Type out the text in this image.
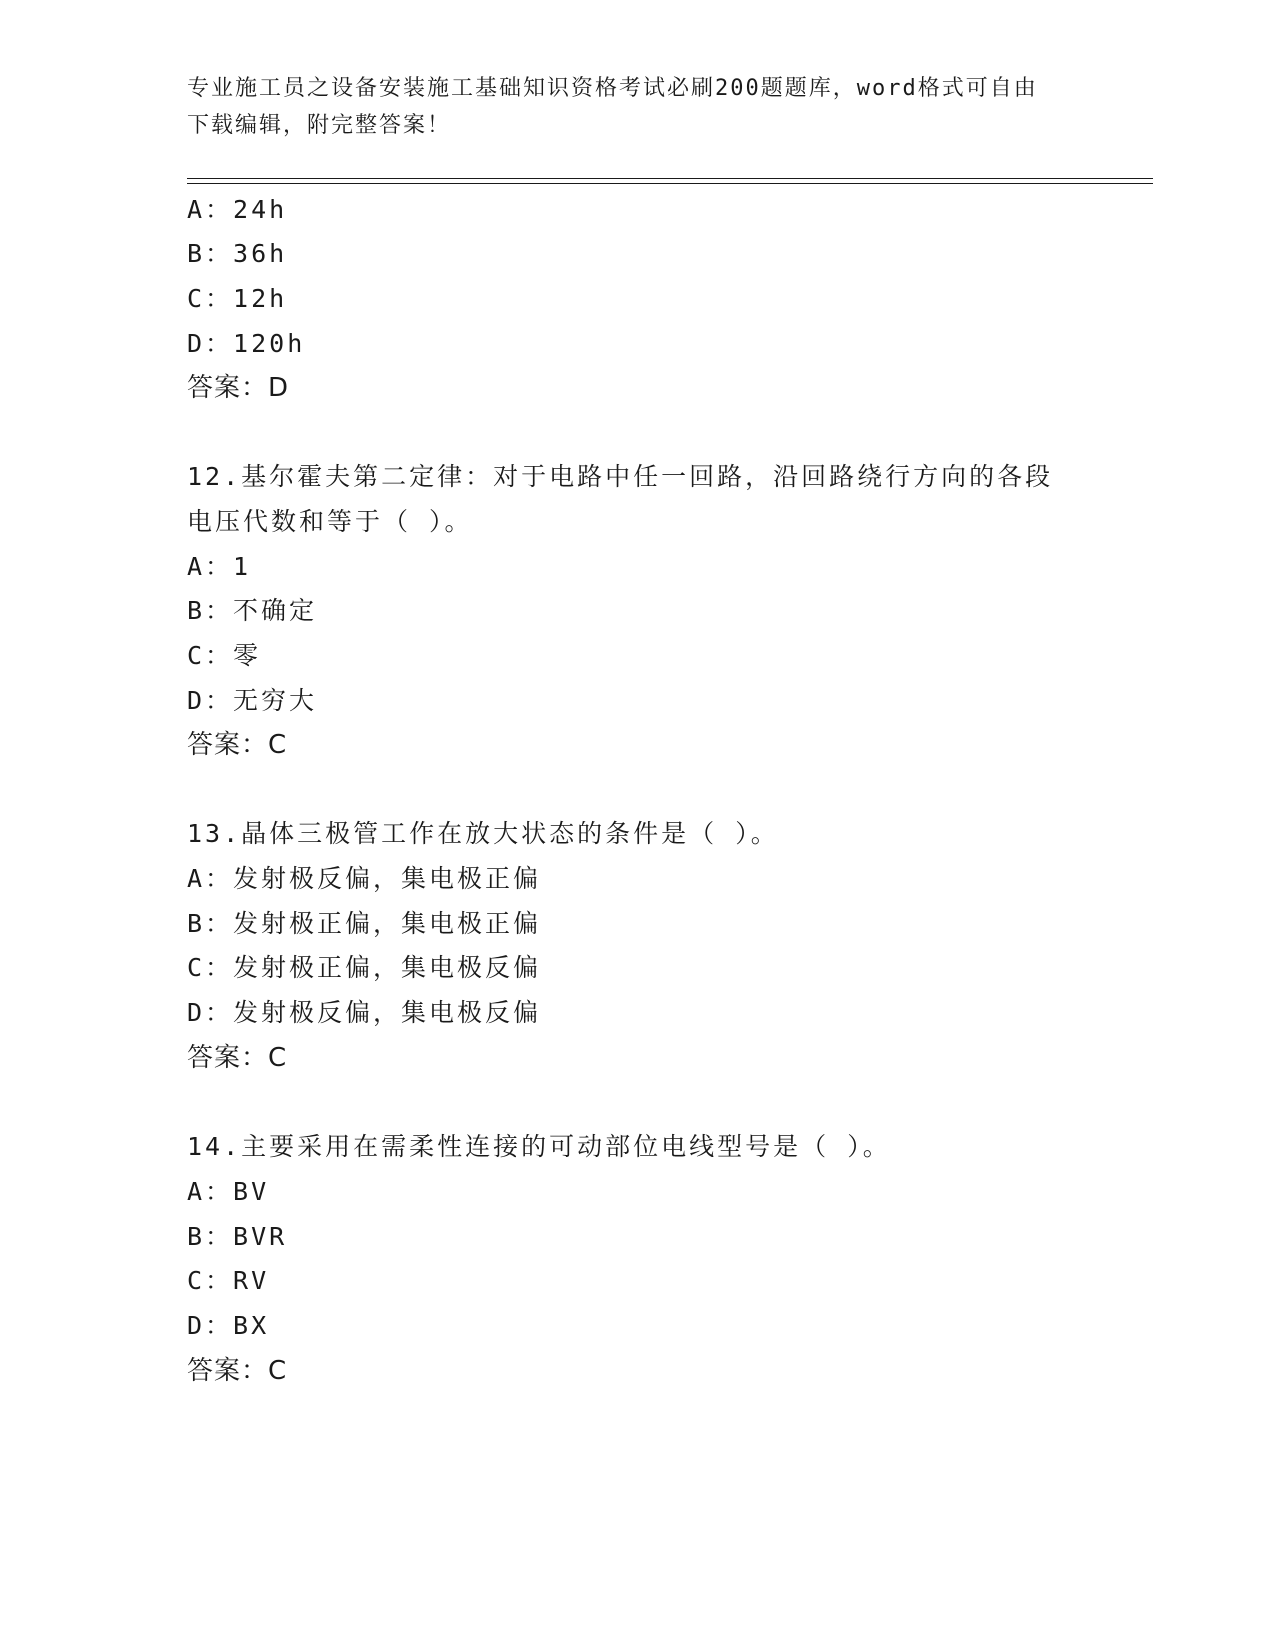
专业施工员之设备安装施工基础知识资格考试必刷200题题库，word格式可自由
下载编辑，附完整答案！
A：24h
B：36h
C：12h
D：120h
答案：D
12.基尔霍夫第二定律：对于电路中任一回路，沿回路绕行方向的各段
电压代数和等于（ ）。
A：1
B：不确定
C：零
D：无穷大
答案：C
13.晶体三极管工作在放大状态的条件是（ ）。
A：发射极反偏，集电极正偏
B：发射极正偏，集电极正偏
C：发射极正偏，集电极反偏
D：发射极反偏，集电极反偏
答案：C
14.主要采用在需柔性连接的可动部位电线型号是（ ）。
A：BV
B：BVR
C：RV
D：BX
答案：C
